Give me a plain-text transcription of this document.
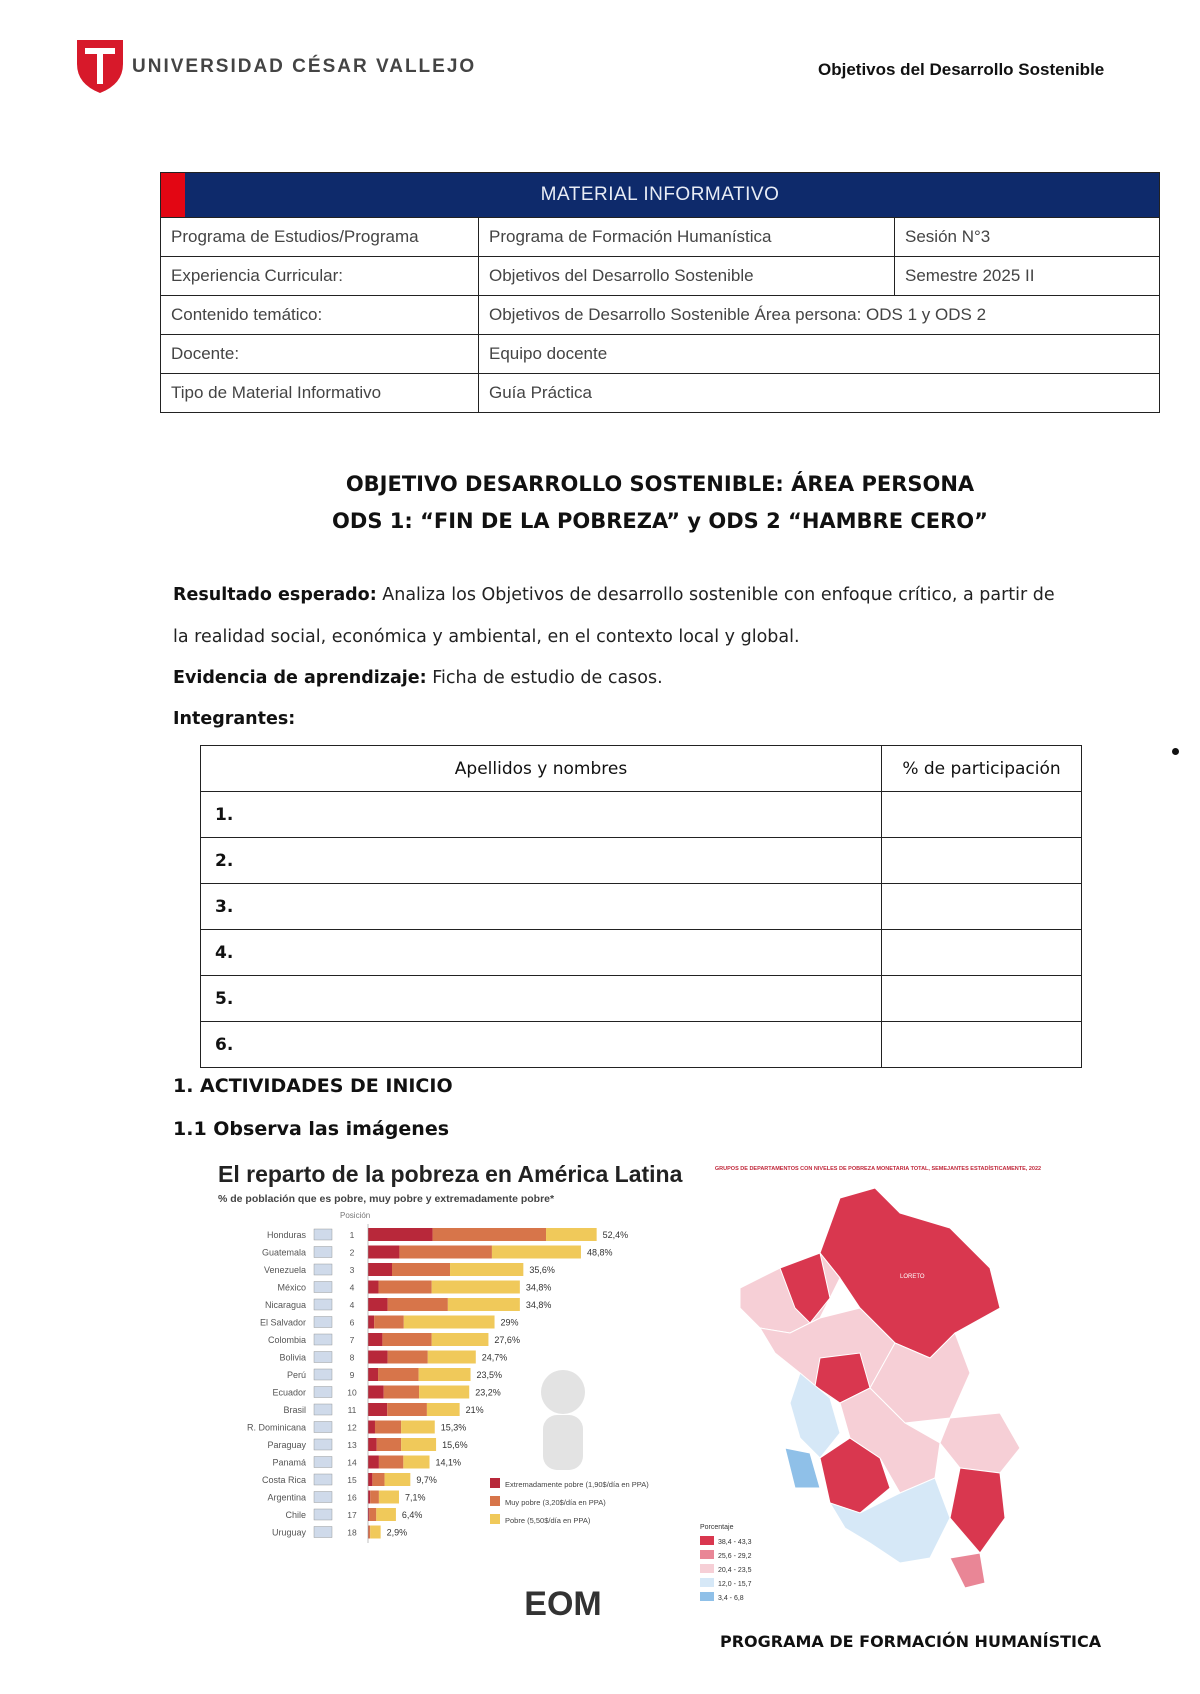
UNIVERSIDAD CÉSAR VALLEJO	Objetivos del Desarrollo Sostenible
MATERIAL INFORMATIVO		
Programa de Estudios/Programa	Programa de Formación Humanística	Sesión N°3
Experiencia Curricular:	Objetivos del Desarrollo Sostenible	Semestre 2025 II
Contenido temático:	Objetivos de Desarrollo Sostenible Área persona: ODS 1 y ODS 2	
Docente:	Equipo docente	
Tipo de Material Informativo	Guía Práctica	
OBJETIVO DESARROLLO SOSTENIBLE: ÁREA PERSONA
ODS 1: “FIN DE LA POBREZA” y ODS 2 “HAMBRE CERO”
Resultado esperado: Analiza los Objetivos de desarrollo sostenible con enfoque crítico, a partir de
la realidad social, económica y ambiental, en el contexto local y global.
Evidencia de aprendizaje: Ficha de estudio de casos.
Integrantes:
Apellidos y nombres	% de participación
1.	
2.	
3.	
4.	
5.	
6.	
1. ACTIVIDADES DE INICIO
1.1 Observa las imágenes
El reparto de la pobreza en América Latina
% de población que es pobre, muy pobre y extremadamente pobre*
Posición
Honduras	1	52,4%
Guatemala	2	48,8%
Venezuela	3	35,6%
México	4	34,8%
Nicaragua	4	34,8%
El Salvador	6	29%
Colombia	7	27,6%
Bolivia	8	24,7%
Perú	9	23,5%
Ecuador	10	23,2%
Brasil	11	21%
R. Dominicana	12	15,3%
Paraguay	13	15,6%
Panamá	14	14,1%
Costa Rica	15	9,7%
Argentina	16	7,1%
Chile	17	6,4%
Uruguay	18	2,9%
Extremadamente pobre (1,90$/día en PPA)
Muy pobre (3,20$/día en PPA)
Pobre (5,50$/día en PPA)
EOM
GRUPOS DE DEPARTAMENTOS CON NIVELES DE POBREZA MONETARIA TOTAL, SEMEJANTES ESTADÍSTICAMENTE, 2022
LORETO
Porcentaje
38,4 - 43,3
25,6 - 29,2
20,4 - 23,5
12,0 - 15,7
3,4 - 6,8
PROGRAMA DE FORMACIÓN HUMANÍSTICA
